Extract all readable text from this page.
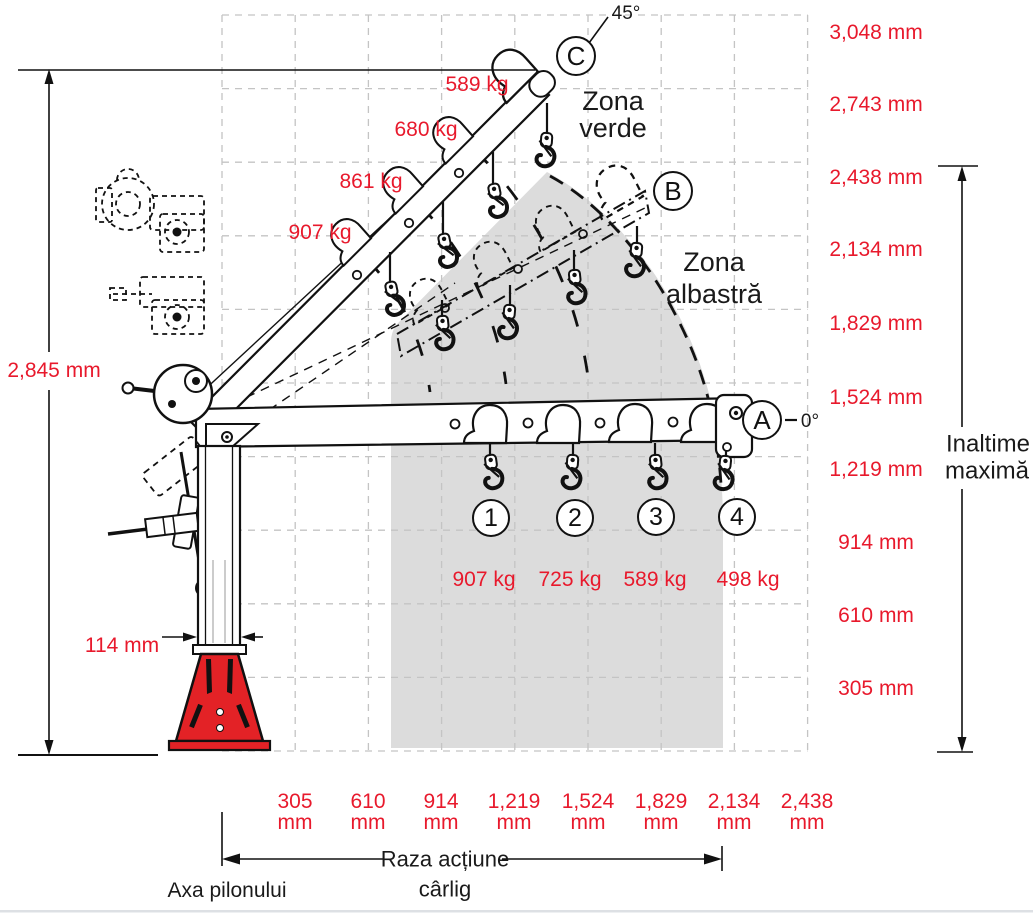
3,048 mm
2,743 mm
2,438 mm
2,134 mm
1,829 mm
1,524 mm
1,219 mm
914 mm
610 mm
305 mm
305
mm
610
mm
914
mm
1,219
mm
1,524
mm
1,829
mm
2,134
mm
2,438
mm
589 kg
680 kg
861 kg
907 kg
907 kg 725 kg 589 kg 498 kg
2,845 mm
114 mm
45°
0°
Zona
verde
Zona
albastră
Inaltime
maximă
Raza acțiune
cârlig
Axa pilonului
C
B
A
1	2	3	4
